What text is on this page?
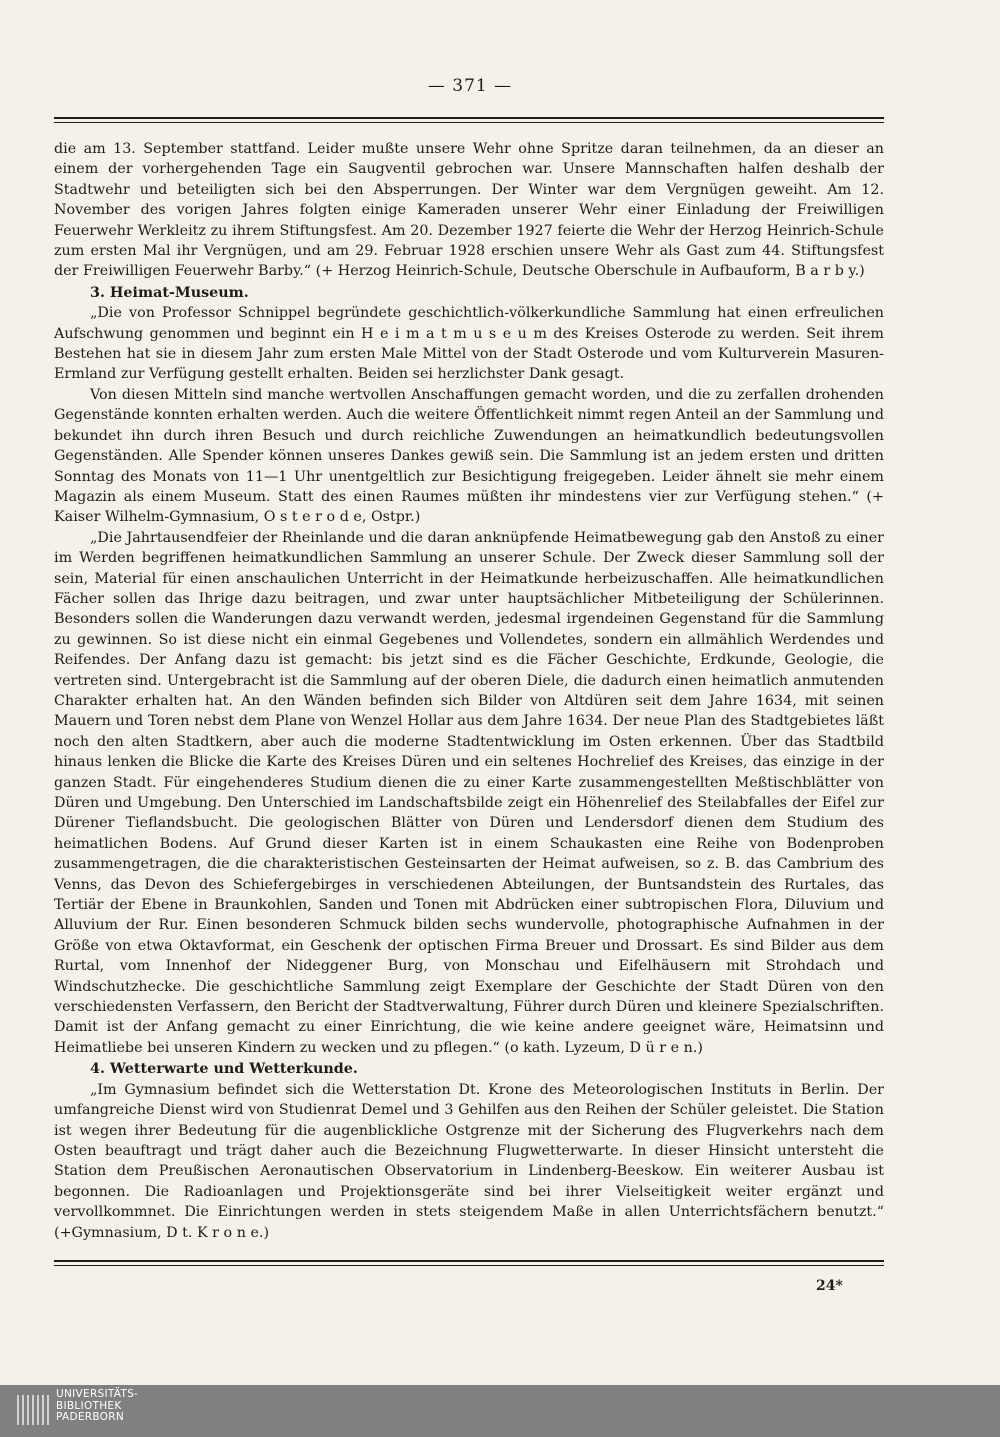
— 371 —

die am 13. September stattfand. Leider mußte unsere Wehr ohne Spritze daran teilnehmen, da an dieser an einem der vorhergehenden Tage ein Saugventil gebrochen war. Unsere Mannschaften halfen deshalb der Stadtwehr und beteiligten sich bei den Absperrungen. Der Winter war dem Vergnügen geweiht. Am 12. November des vorigen Jahres folgten einige Kameraden unserer Wehr einer Einladung der Freiwilligen Feuerwehr Werkleitz zu ihrem Stiftungsfest. Am 20. Dezember 1927 feierte die Wehr der Herzog Heinrich-Schule zum ersten Mal ihr Vergnügen, und am 29. Februar 1928 erschien unsere Wehr als Gast zum 44. Stiftungsfest der Freiwilligen Feuerwehr Barby.“ (+ Herzog Heinrich-Schule, Deutsche Oberschule in Aufbauform, B a r b y.)

3. Heimat-Museum.

„Die von Professor Schnippel begründete geschichtlich-völkerkundliche Sammlung hat einen erfreulichen Aufschwung genommen und beginnt ein H e i m a t m u s e u m des Kreises Osterode zu werden. Seit ihrem Bestehen hat sie in diesem Jahr zum ersten Male Mittel von der Stadt Osterode und vom Kulturverein Masuren-Ermland zur Verfügung gestellt erhalten. Beiden sei herzlichster Dank gesagt.

Von diesen Mitteln sind manche wertvollen Anschaffungen gemacht worden, und die zu zerfallen drohenden Gegenstände konnten erhalten werden. Auch die weitere Öffentlichkeit nimmt regen Anteil an der Sammlung und bekundet ihn durch ihren Besuch und durch reichliche Zuwendungen an heimatkundlich bedeutungsvollen Gegenständen. Alle Spender können unseres Dankes gewiß sein. Die Sammlung ist an jedem ersten und dritten Sonntag des Monats von 11—1 Uhr unentgeltlich zur Besichtigung freigegeben. Leider ähnelt sie mehr einem Magazin als einem Museum. Statt des einen Raumes müßten ihr mindestens vier zur Verfügung stehen.“ (+ Kaiser Wilhelm-Gymnasium, O s t e r o d e, Ostpr.)

„Die Jahrtausendfeier der Rheinlande und die daran anknüpfende Heimatbewegung gab den Anstoß zu einer im Werden begriffenen heimatkundlichen Sammlung an unserer Schule. Der Zweck dieser Sammlung soll der sein, Material für einen anschaulichen Unterricht in der Heimatkunde herbeizuschaffen. Alle heimatkundlichen Fächer sollen das Ihrige dazu beitragen, und zwar unter hauptsächlicher Mitbeteiligung der Schülerinnen. Besonders sollen die Wanderungen dazu verwandt werden, jedesmal irgendeinen Gegenstand für die Sammlung zu gewinnen. So ist diese nicht ein einmal Gegebenes und Vollendetes, sondern ein allmählich Werdendes und Reifendes. Der Anfang dazu ist gemacht: bis jetzt sind es die Fächer Geschichte, Erdkunde, Geologie, die vertreten sind. Untergebracht ist die Sammlung auf der oberen Diele, die dadurch einen heimatlich anmutenden Charakter erhalten hat. An den Wänden befinden sich Bilder von Altdüren seit dem Jahre 1634, mit seinen Mauern und Toren nebst dem Plane von Wenzel Hollar aus dem Jahre 1634. Der neue Plan des Stadtgebietes läßt noch den alten Stadtkern, aber auch die moderne Stadtentwicklung im Osten erkennen. Über das Stadtbild hinaus lenken die Blicke die Karte des Kreises Düren und ein seltenes Hochrelief des Kreises, das einzige in der ganzen Stadt. Für eingehenderes Studium dienen die zu einer Karte zusammengestellten Meßtischblätter von Düren und Umgebung. Den Unterschied im Landschaftsbilde zeigt ein Höhenrelief des Steilabfalles der Eifel zur Dürener Tieflandsbucht. Die geologischen Blätter von Düren und Lendersdorf dienen dem Studium des heimatlichen Bodens. Auf Grund dieser Karten ist in einem Schaukasten eine Reihe von Bodenproben zusammengetragen, die die charakteristischen Gesteinsarten der Heimat aufweisen, so z. B. das Cambrium des Venns, das Devon des Schiefergebirges in verschiedenen Abteilungen, der Buntsandstein des Rurtales, das Tertiär der Ebene in Braunkohlen, Sanden und Tonen mit Abdrücken einer subtropischen Flora, Diluvium und Alluvium der Rur. Einen besonderen Schmuck bilden sechs wundervolle, photographische Aufnahmen in der Größe von etwa Oktavformat, ein Geschenk der optischen Firma Breuer und Drossart. Es sind Bilder aus dem Rurtal, vom Innenhof der Nideggener Burg, von Monschau und Eifelhäusern mit Strohdach und Windschutzhecke. Die geschichtliche Sammlung zeigt Exemplare der Geschichte der Stadt Düren von den verschiedensten Verfassern, den Bericht der Stadtverwaltung, Führer durch Düren und kleinere Spezialschriften. Damit ist der Anfang gemacht zu einer Einrichtung, die wie keine andere geeignet wäre, Heimatsinn und Heimatliebe bei unseren Kindern zu wecken und zu pflegen.“ (o kath. Lyzeum, D ü r e n.)

4. Wetterwarte und Wetterkunde.

„Im Gymnasium befindet sich die Wetterstation Dt. Krone des Meteorologischen Instituts in Berlin. Der umfangreiche Dienst wird von Studienrat Demel und 3 Gehilfen aus den Reihen der Schüler geleistet. Die Station ist wegen ihrer Bedeutung für die augenblickliche Ostgrenze mit der Sicherung des Flugverkehrs nach dem Osten beauftragt und trägt daher auch die Bezeichnung Flugwetterwarte. In dieser Hinsicht untersteht die Station dem Preußischen Aeronautischen Observatorium in Lindenberg-Beeskow. Ein weiterer Ausbau ist begonnen. Die Radioanlagen und Projektionsgeräte sind bei ihrer Vielseitigkeit weiter ergänzt und vervollkommnet. Die Einrichtungen werden in stets steigendem Maße in allen Unterrichtsfächern benutzt.“ (+Gymnasium, D t. K r o n e.)

24*
UNIVERSITÄTS-
BIBLIOTHEK
PADERBORN
